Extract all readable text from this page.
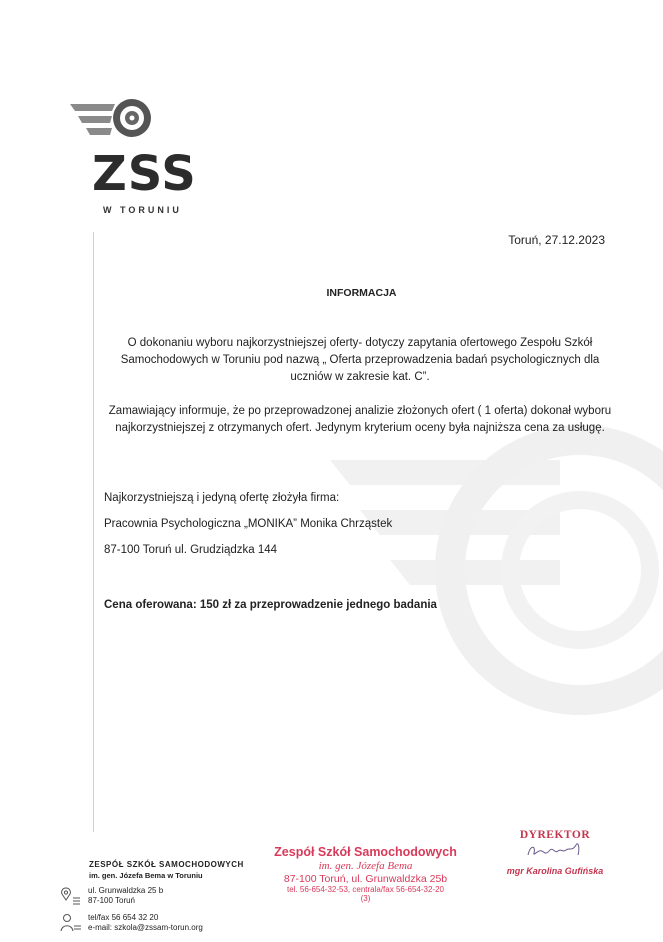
ZSS
W TORUNIU
Toruń, 27.12.2023
INFORMACJA
O dokonaniu wyboru najkorzystniejszej oferty- dotyczy zapytania ofertowego Zespołu Szkół Samochodowych w Toruniu pod nazwą „ Oferta przeprowadzenia badań psychologicznych dla uczniów w zakresie kat. C”.
Zamawiający informuje, że po przeprowadzonej analizie złożonych ofert ( 1 oferta) dokonał wyboru najkorzystniejszej z otrzymanych ofert. Jedynym kryterium oceny była najniższa cena za usługę.
Najkorzystniejszą i jedyną ofertę złożyła firma:
Pracownia Psychologiczna „MONIKA” Monika Chrząstek
87-100 Toruń ul. Grudziądzka 144
Cena oferowana: 150 zł za przeprowadzenie jednego badania
ZESPÓŁ SZKÓŁ SAMOCHODOWYCH
im. gen. Józefa Bema w Toruniu
ul. Grunwaldzka 25 b
87-100 Toruń
tel/fax 56 654 32 20
e-mail: szkola@zssam-torun.org
Zespół Szkół Samochodowych
im. gen. Józefa Bema
87-100 Toruń, ul. Grunwaldzka 25b
tel. 56-654-32-53, centrala/fax 56-654-32-20
(3)
DYREKTOR
mgr Karolina Gufińska
